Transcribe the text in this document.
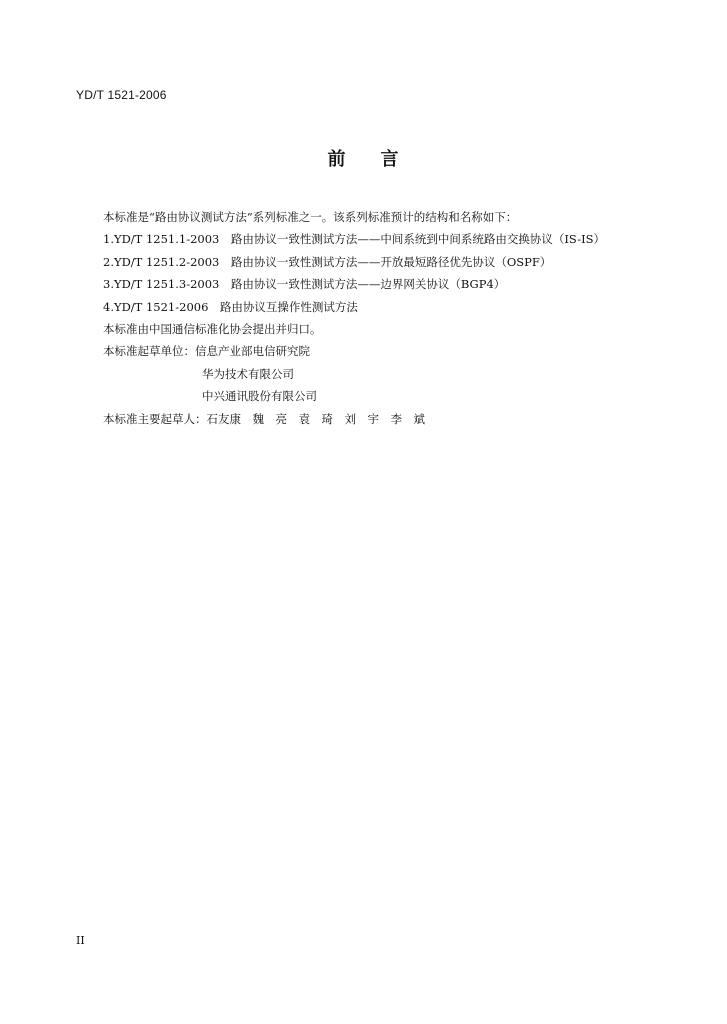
YD/T 1521-2006
前 言
本标准是“路由协议测试方法”系列标准之一。该系列标准预计的结构和名称如下：
1.YD/T 1251.1-2003　路由协议一致性测试方法——中间系统到中间系统路由交换协议（IS-IS）
2.YD/T 1251.2-2003　路由协议一致性测试方法——开放最短路径优先协议（OSPF）
3.YD/T 1251.3-2003　路由协议一致性测试方法——边界网关协议（BGP4）
4.YD/T 1521-2006　路由协议互操作性测试方法
本标准由中国通信标准化协会提出并归口。
本标准起草单位：信息产业部电信研究院
华为技术有限公司
中兴通讯股份有限公司
本标准主要起草人：石友康　魏　亮　袁　琦　刘　宇　李　斌
II
